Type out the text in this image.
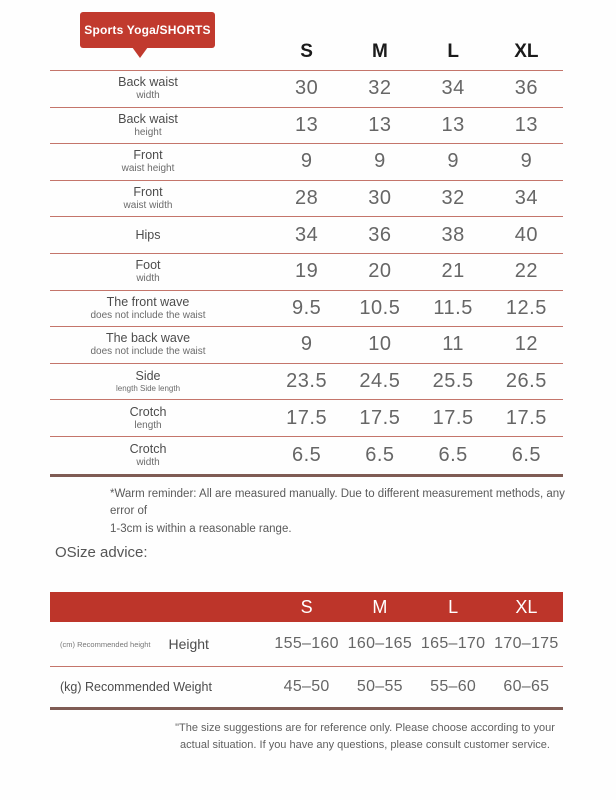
Sports Yoga/SHORTS
S	M	L	XL
Back waist
width	30	32	34	36
Back waist
height	13	13	13	13
Front
waist height	9	9	9	9
Front
waist width	28	30	32	34
Hips	34	36	38	40
Foot
width	19	20	21	22
The front wave
does not include the waist	9.5	10.5	11.5	12.5
The back wave
does not include the waist	9	10	11	12
Side
length Side length	23.5	24.5	25.5	26.5
Crotch
length	17.5	17.5	17.5	17.5
Crotch
width	6.5	6.5	6.5	6.5
*Warm reminder: All are measured manually. Due to different measurement methods, any error of
1-3cm is within a reasonable range.
OSize advice:
S	M	L	XL
(cm) Recommended height Height	155–160 160–165 165–170 170–175
(kg) Recommended Weight	45–50	50–55	55–60	60–65
"The size suggestions are for reference only. Please choose according to your
actual situation. If you have any questions, please consult customer service.
